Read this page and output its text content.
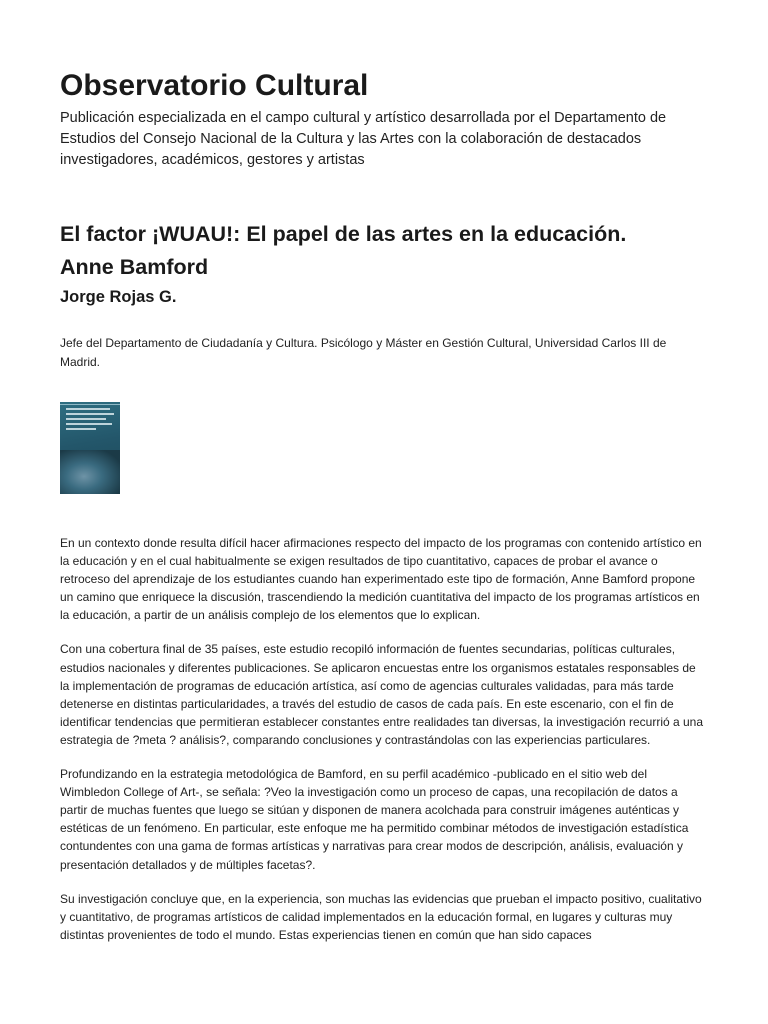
Observatorio Cultural

Publicación especializada en el campo cultural y artístico desarrollada por el Departamento de Estudios del Consejo Nacional de la Cultura y las Artes con la colaboración de destacados investigadores, académicos, gestores y artistas

El factor ¡WUAU!: El papel de las artes en la educación.
Anne Bamford
Jorge Rojas G.

Jefe del Departamento de Ciudadanía y Cultura. Psicólogo y Máster en Gestión Cultural, Universidad Carlos III de Madrid.

En un contexto donde resulta difícil hacer afirmaciones respecto del impacto de los programas con contenido artístico en la educación y en el cual habitualmente se exigen resultados de tipo cuantitativo, capaces de probar el avance o retroceso del aprendizaje de los estudiantes cuando han experimentado este tipo de formación, Anne Bamford propone un camino que enriquece la discusión, trascendiendo la medición cuantitativa del impacto de los programas artísticos en la educación, a partir de un análisis complejo de los elementos que lo explican.

Con una cobertura final de 35 países, este estudio recopiló información de fuentes secundarias, políticas culturales, estudios nacionales y diferentes publicaciones. Se aplicaron encuestas entre los organismos estatales responsables de la implementación de programas de educación artística, así como de agencias culturales validadas, para más tarde detenerse en distintas particularidades, a través del estudio de casos de cada país. En este escenario, con el fin de identificar tendencias que permitieran establecer constantes entre realidades tan diversas, la investigación recurrió a una estrategia de ?meta ? análisis?, comparando conclusiones y contrastándolas con las experiencias particulares.

Profundizando en la estrategia metodológica de Bamford, en su perfil académico -publicado en el sitio web del Wimbledon College of Art-, se señala: ?Veo la investigación como un proceso de capas, una recopilación de datos a partir de muchas fuentes que luego se sitúan y disponen de manera acolchada para construir imágenes auténticas y estéticas de un fenómeno. En particular, este enfoque me ha permitido combinar métodos de investigación estadística contundentes con una gama de formas artísticas y narrativas para crear modos de descripción, análisis, evaluación y presentación detallados y de múltiples facetas?.

Su investigación concluye que, en la experiencia, son muchas las evidencias que prueban el impacto positivo, cualitativo y cuantitativo, de programas artísticos de calidad implementados en la educación formal, en lugares y culturas muy distintas provenientes de todo el mundo. Estas experiencias tienen en común que han sido capaces
